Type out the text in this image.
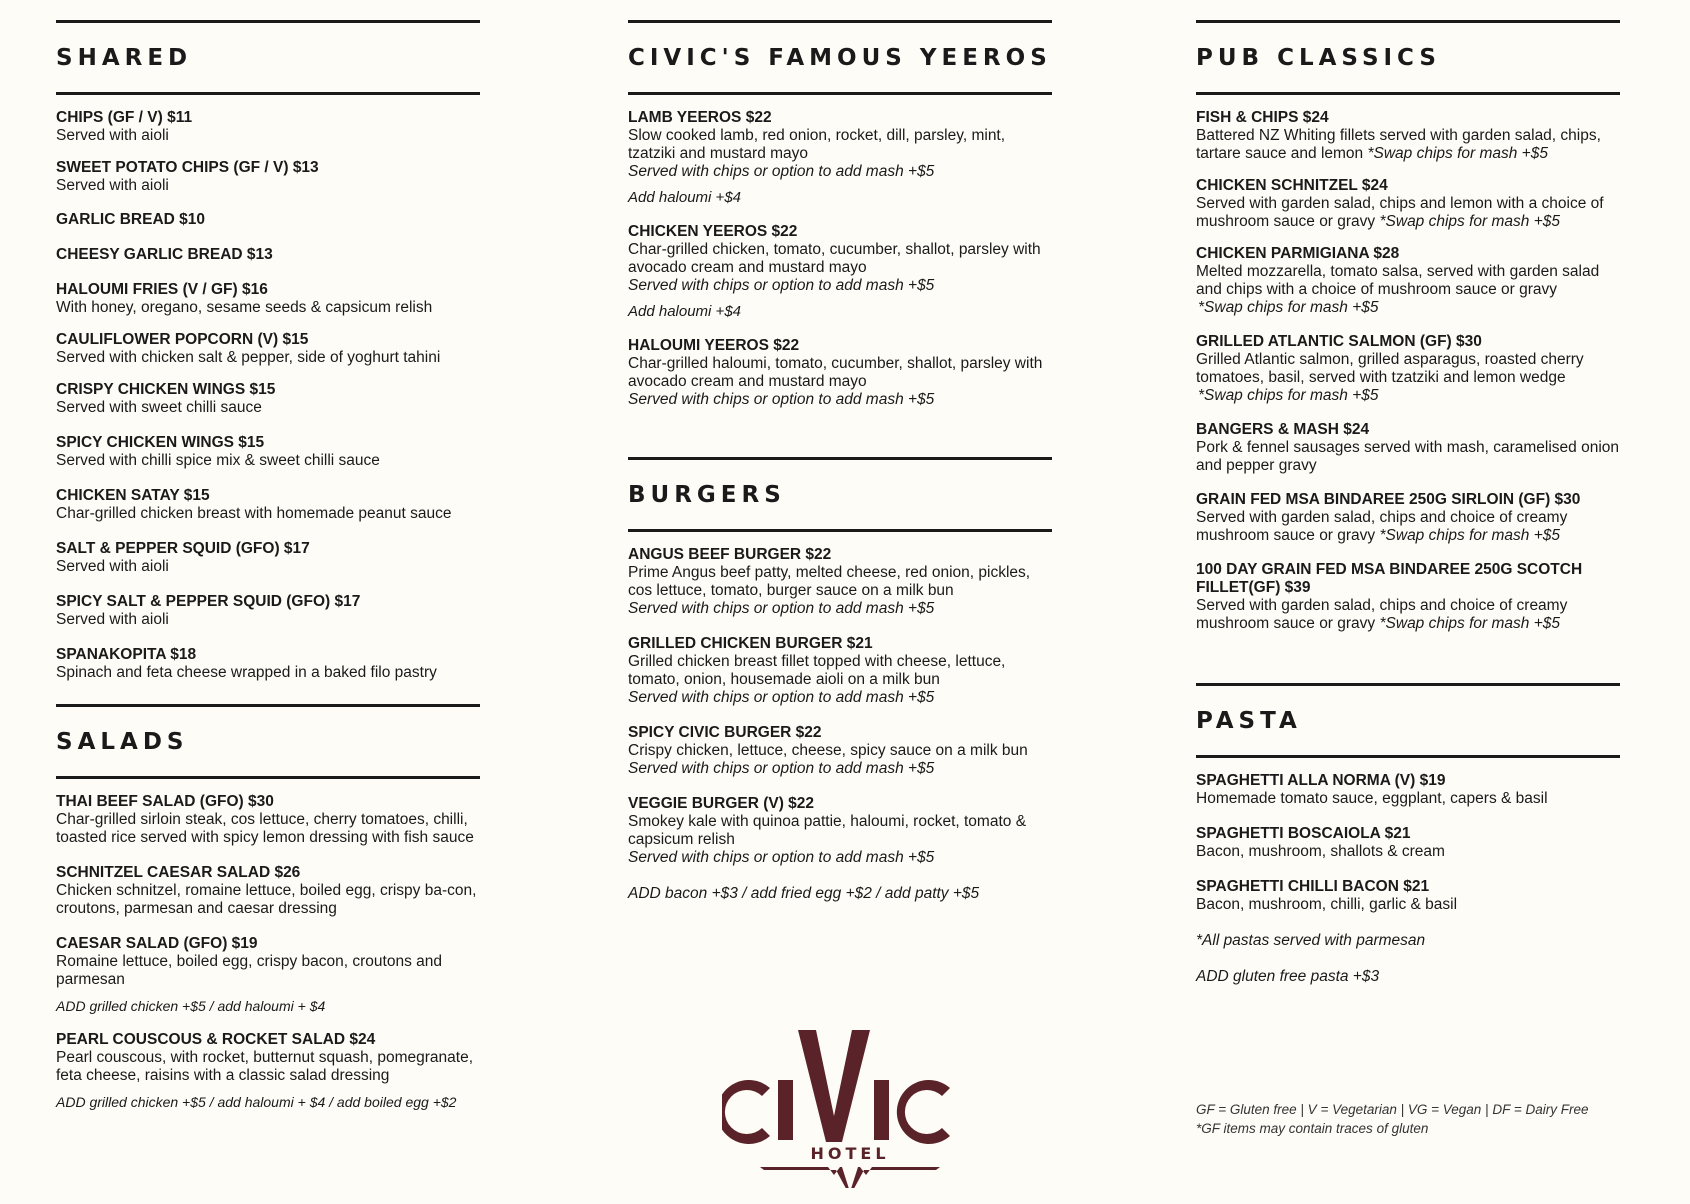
SHARED
CHIPS (GF / V) $11
Served with aioli
SWEET POTATO CHIPS (GF / V) $13
Served with aioli
GARLIC BREAD $10
CHEESY GARLIC BREAD $13
HALOUMI FRIES (V / GF) $16
With honey, oregano, sesame seeds & capsicum relish
CAULIFLOWER POPCORN (V) $15
Served with chicken salt & pepper, side of yoghurt tahini
CRISPY CHICKEN WINGS $15
Served with sweet chilli sauce
SPICY CHICKEN WINGS $15
Served with chilli spice mix & sweet chilli sauce
CHICKEN SATAY $15
Char-grilled chicken breast with homemade peanut sauce
SALT & PEPPER SQUID (GFO) $17
Served with aioli
SPICY SALT & PEPPER SQUID (GFO) $17
Served with aioli
SPANAKOPITA $18
Spinach and feta cheese wrapped in a baked filo pastry
SALADS
THAI BEEF SALAD (GFO) $30
Char-grilled sirloin steak, cos lettuce, cherry tomatoes, chilli, toasted rice served with spicy lemon dressing with fish sauce
SCHNITZEL CAESAR SALAD $26
Chicken schnitzel, romaine lettuce, boiled egg, crispy ba-con, croutons, parmesan and caesar dressing
CAESAR SALAD (GFO) $19
Romaine lettuce, boiled egg, crispy bacon, croutons and parmesan
ADD grilled chicken +$5 / add haloumi + $4
PEARL COUSCOUS & ROCKET SALAD $24
Pearl couscous, with rocket, butternut squash, pomegranate, feta cheese, raisins with a classic salad dressing
ADD grilled chicken +$5 / add haloumi + $4 / add boiled egg +$2
CIVIC'S FAMOUS YEEROS
LAMB YEEROS $22
Slow cooked lamb, red onion, rocket, dill, parsley, mint, tzatziki and mustard mayo
Served with chips or option to add mash +$5
Add haloumi +$4
CHICKEN YEEROS $22
Char-grilled chicken, tomato, cucumber, shallot, parsley with avocado cream and mustard mayo
Served with chips or option to add mash +$5
Add haloumi +$4
HALOUMI YEEROS $22
Char-grilled haloumi, tomato, cucumber, shallot, parsley with avocado cream and mustard mayo
Served with chips or option to add mash +$5
BURGERS
ANGUS BEEF BURGER $22
Prime Angus beef patty, melted cheese, red onion, pickles, cos lettuce, tomato, burger sauce on a milk bun
Served with chips or option to add mash +$5
GRILLED CHICKEN BURGER $21
Grilled chicken breast fillet topped with cheese, lettuce, tomato, onion, housemade aioli on a milk bun
Served with chips or option to add mash +$5
SPICY CIVIC BURGER $22
Crispy chicken, lettuce, cheese, spicy sauce on a milk bun
Served with chips or option to add mash +$5
VEGGIE BURGER (V) $22
Smokey kale with quinoa pattie, haloumi, rocket, tomato & capsicum relish
Served with chips or option to add mash +$5
ADD bacon +$3 / add fried egg +$2 / add patty +$5
PUB CLASSICS
FISH & CHIPS $24
Battered NZ Whiting fillets served with garden salad, chips, tartare sauce and lemon *Swap chips for mash +$5
CHICKEN SCHNITZEL $24
Served with garden salad, chips and lemon with a choice of mushroom sauce or gravy *Swap chips for mash +$5
CHICKEN PARMIGIANA $28
Melted mozzarella, tomato salsa, served with garden salad and chips with a choice of mushroom sauce or gravy
*Swap chips for mash +$5
GRILLED ATLANTIC SALMON (GF) $30
Grilled Atlantic salmon, grilled asparagus, roasted cherry tomatoes, basil, served with tzatziki and lemon wedge
*Swap chips for mash +$5
BANGERS & MASH $24
Pork & fennel sausages served with mash, caramelised onion and pepper gravy
GRAIN FED MSA BINDAREE 250G SIRLOIN (GF) $30
Served with garden salad, chips and choice of creamy mushroom sauce or gravy *Swap chips for mash +$5
100 DAY GRAIN FED MSA BINDAREE 250G SCOTCH FILLET(GF) $39
Served with garden salad, chips and choice of creamy mushroom sauce or gravy *Swap chips for mash +$5
PASTA
SPAGHETTI ALLA NORMA (V) $19
Homemade tomato sauce, eggplant, capers & basil
SPAGHETTI BOSCAIOLA $21
Bacon, mushroom, shallots & cream
SPAGHETTI CHILLI BACON $21
Bacon, mushroom, chilli, garlic & basil
*All pastas served with parmesan
ADD gluten free pasta +$3
HOTEL
GF = Gluten free | V = Vegetarian | VG = Vegan | DF = Dairy Free
*GF items may contain traces of gluten
